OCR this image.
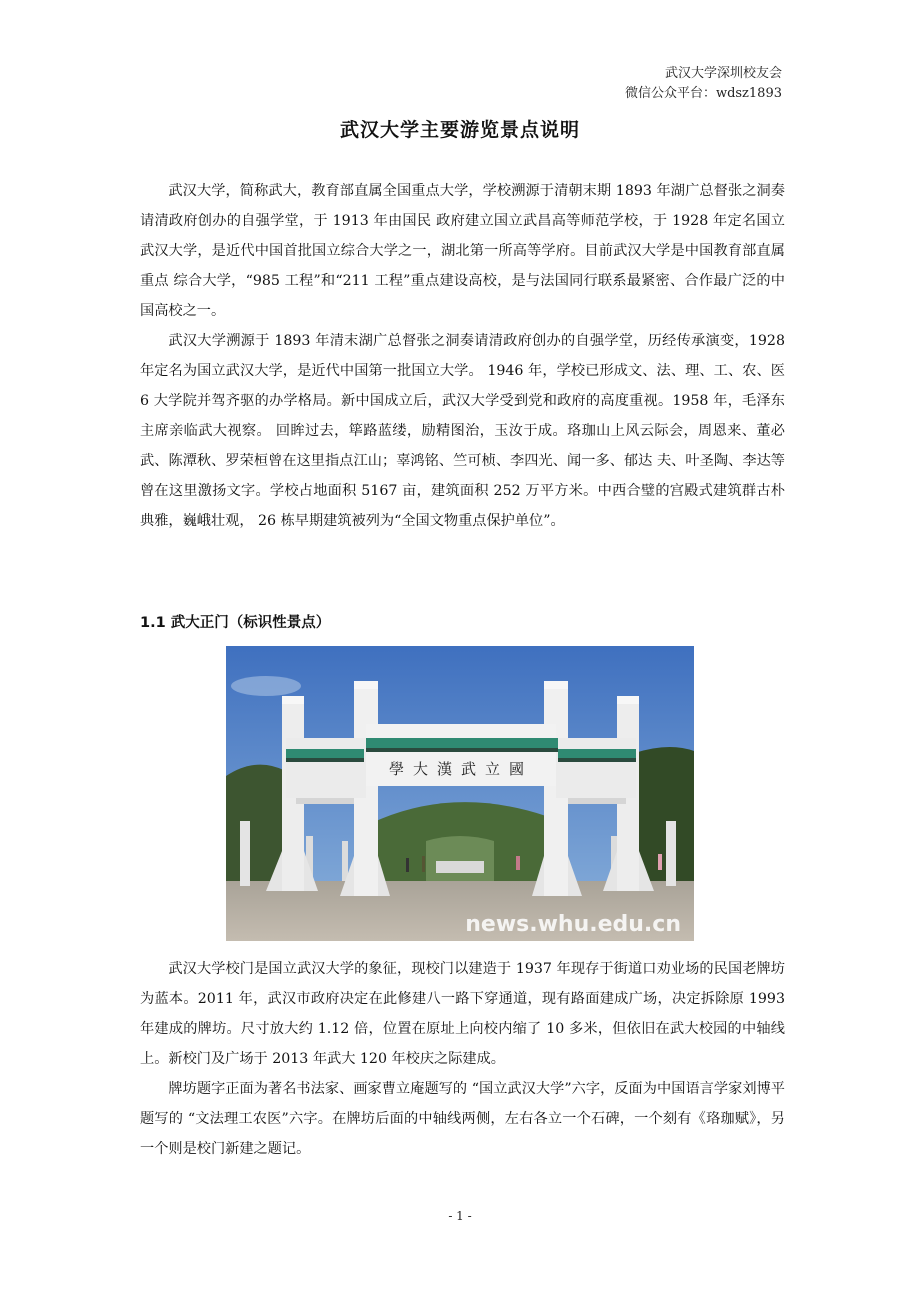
武汉大学深圳校友会
微信公众平台：wdsz1893
武汉大学主要游览景点说明

武汉大学，简称武大，教育部直属全国重点大学，学校溯源于清朝末期 1893 年湖广总督张之洞奏请清政府创办的自强学堂，于 1913 年由国民 政府建立国立武昌高等师范学校，于 1928 年定名国立武汉大学，是近代中国首批国立综合大学之一，湖北第一所高等学府。目前武汉大学是中国教育部直属重点 综合大学，“985 工程”和“211 工程”重点建设高校，是与法国同行联系最紧密、合作最广泛的中国高校之一。

武汉大学溯源于 1893 年清末湖广总督张之洞奏请清政府创办的自强学堂，历经传承演变，1928 年定名为国立武汉大学，是近代中国第一批国立大学。 1946 年，学校已形成文、法、理、工、农、医6 大学院并驾齐驱的办学格局。新中国成立后，武汉大学受到党和政府的高度重视。1958 年，毛泽东主席亲临武大视察。 回眸过去，筚路蓝缕，励精图治，玉汝于成。珞珈山上风云际会，周恩来、董必武、陈潭秋、罗荣桓曾在这里指点江山；辜鸿铭、竺可桢、李四光、闻一多、郁达 夫、叶圣陶、李达等曾在这里激扬文字。学校占地面积 5167 亩，建筑面积 252 万平方米。中西合璧的宫殿式建筑群古朴典雅，巍峨壮观， 26 栋早期建筑被列为“全国文物重点保护单位”。

1.1 武大正门（标识性景点）
學大漢武立國
news.whu.edu.cn

武汉大学校门是国立武汉大学的象征，现校门以建造于 1937 年现存于街道口劝业场的民国老牌坊为蓝本。2011 年，武汉市政府决定在此修建八一路下穿通道，现有路面建成广场，决定拆除原 1993 年建成的牌坊。尺寸放大约 1.12 倍，位置在原址上向校内缩了 10 多米，但依旧在武大校园的中轴线上。新校门及广场于 2013 年武大 120 年校庆之际建成。

牌坊题字正面为著名书法家、画家曹立庵题写的 “国立武汉大学”六字，反面为中国语言学家刘博平题写的 “文法理工农医”六字。在牌坊后面的中轴线两侧，左右各立一个石碑，一个刻有《珞珈赋》，另一个则是校门新建之题记。

- 1 -
